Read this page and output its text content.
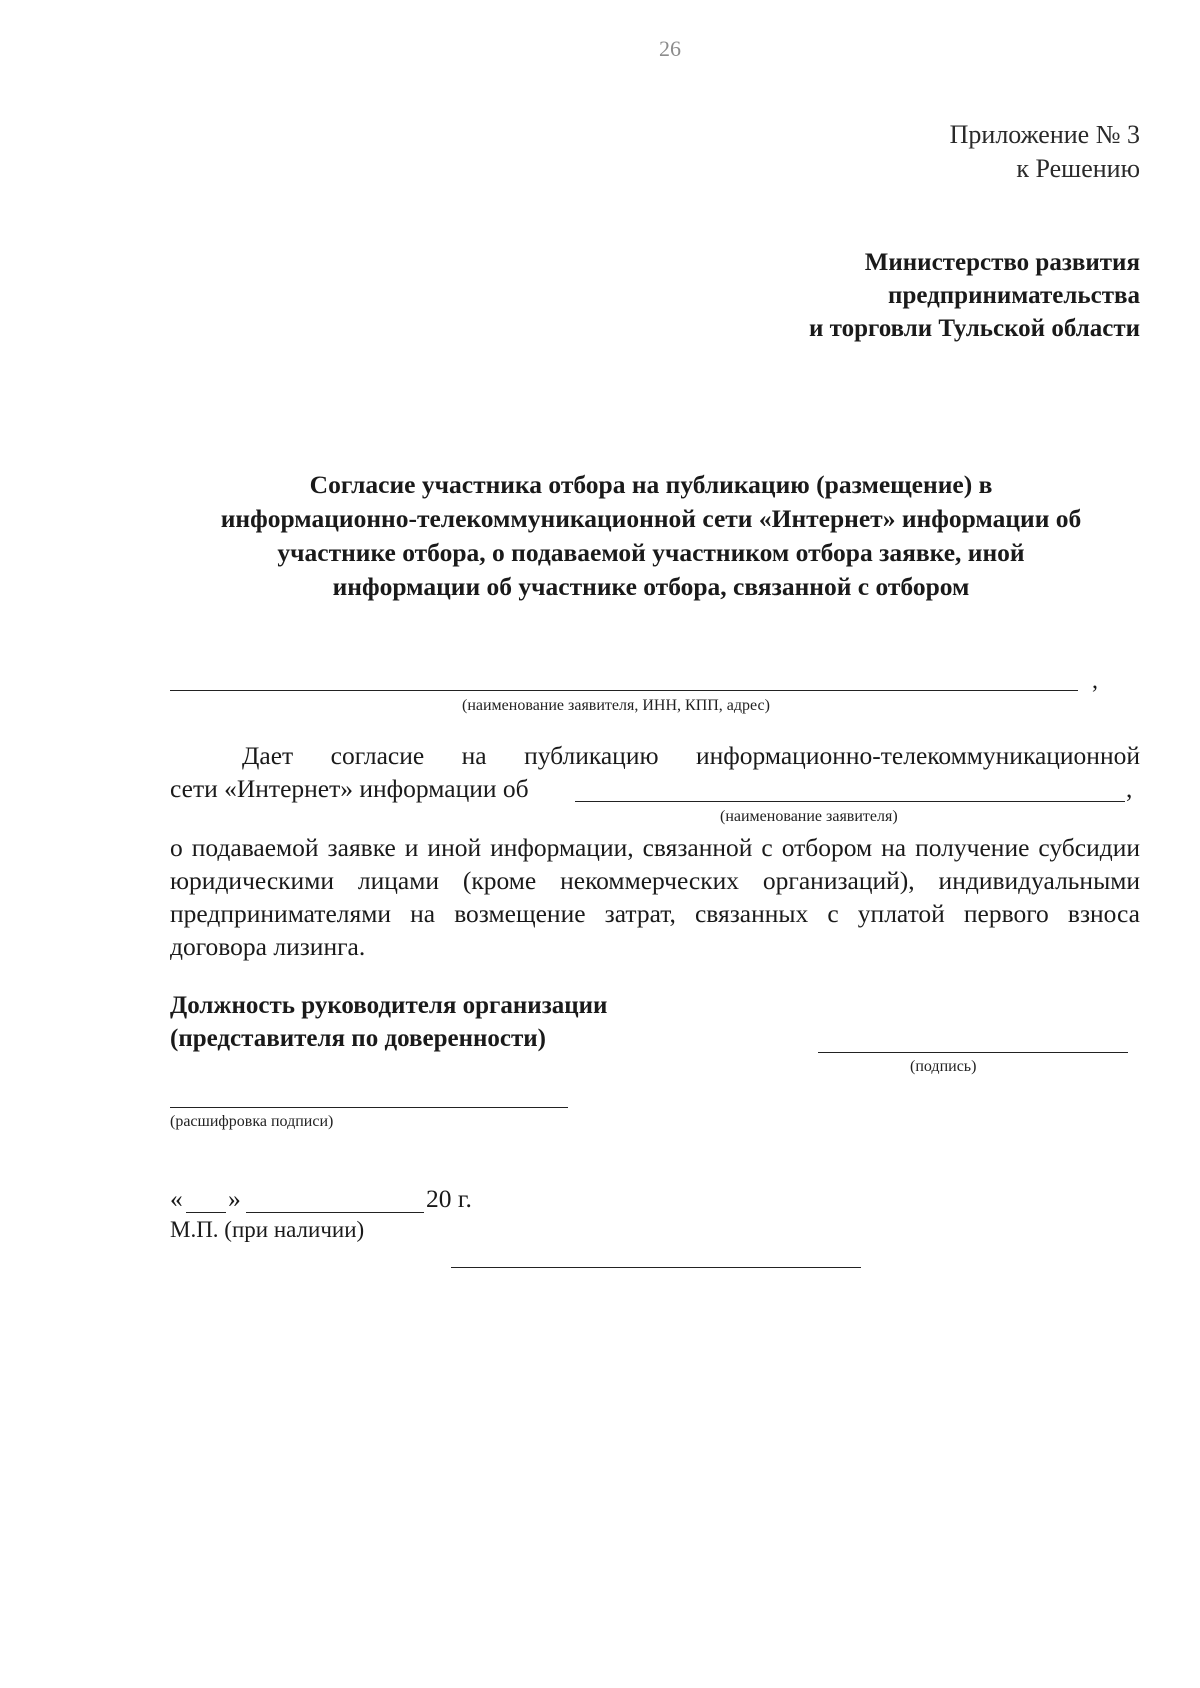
26
Приложение № 3
к Решению
Министерство развития
предпринимательства
и торговли Тульской области
Согласие участника отбора на публикацию (размещение) в
информационно-телекоммуникационной сети «Интернет» информации об
участнике отбора, о подаваемой участником отбора заявке, иной
информации об участнике отбора, связанной с отбором
,
(наименование заявителя, ИНН, КПП, адрес)
Дает согласие на публикацию информационно-телекоммуникационной
сети «Интернет» информации об	,
(наименование заявителя)
о подаваемой заявке и иной информации, связанной с отбором на получение субсидии юридическими лицами (кроме некоммерческих организаций), индивидуальными предпринимателями на возмещение затрат, связанных с уплатой первого взноса договора лизинга.
Должность руководителя организации
(представителя по доверенности)
(подпись)
(расшифровка подписи)
« »	20 г.
М.П. (при наличии)
